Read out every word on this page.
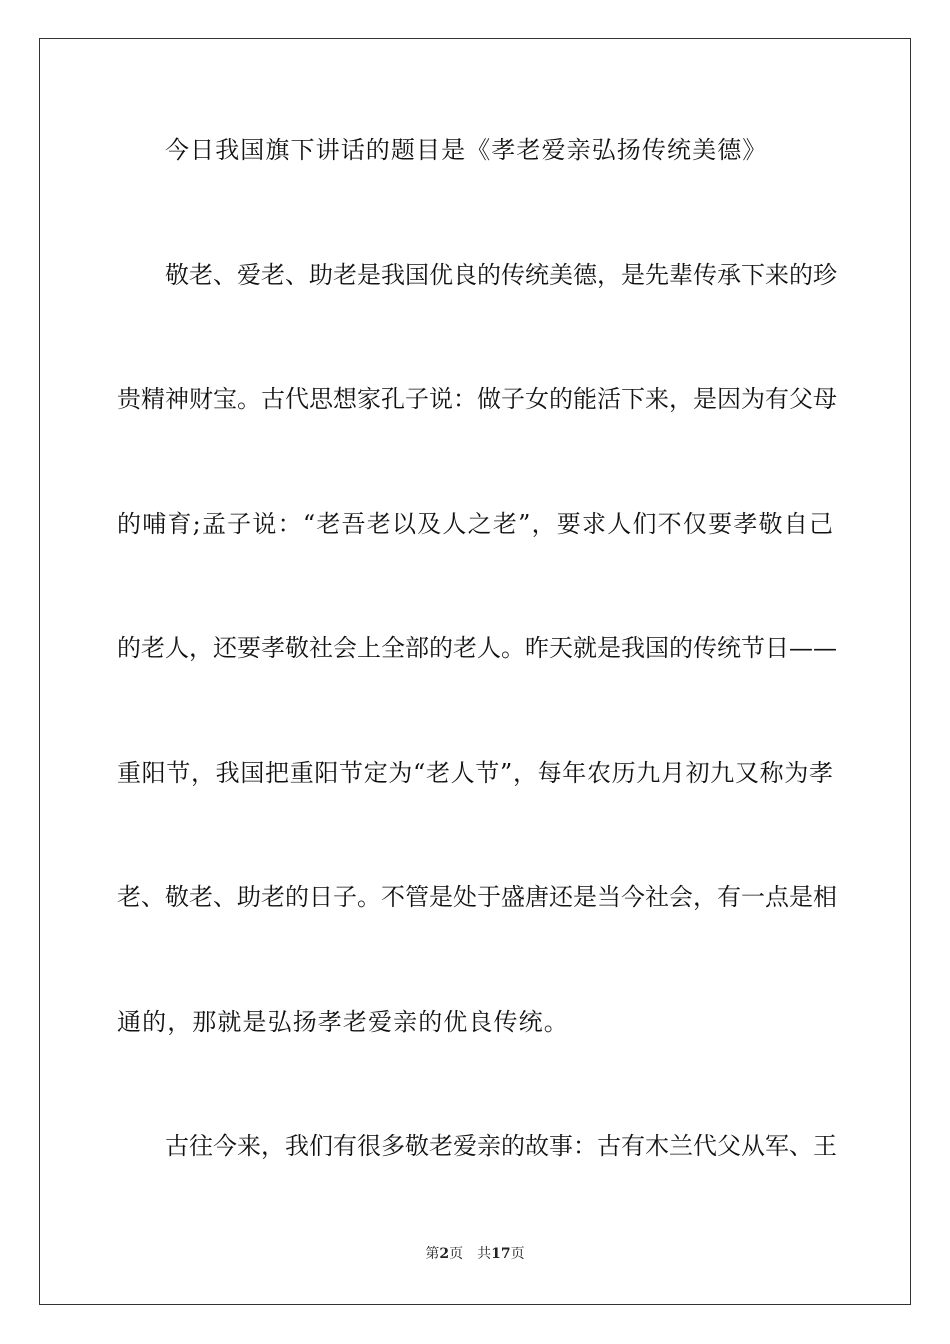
今日我国旗下讲话的题目是《孝老爱亲弘扬传统美德》
敬老、爱老、助老是我国优良的传统美德，是先辈传承下来的珍
贵精神财宝。古代思想家孔子说：做子女的能活下来，是因为有父母
的哺育;孟子说：“老吾老以及人之老”，要求人们不仅要孝敬自己
的老人，还要孝敬社会上全部的老人。昨天就是我国的传统节日——
重阳节，我国把重阳节定为“老人节”，每年农历九月初九又称为孝
老、敬老、助老的日子。不管是处于盛唐还是当今社会，有一点是相
通的，那就是弘扬孝老爱亲的优良传统。
古往今来，我们有很多敬老爱亲的故事：古有木兰代父从军、王
第2页 共17页
